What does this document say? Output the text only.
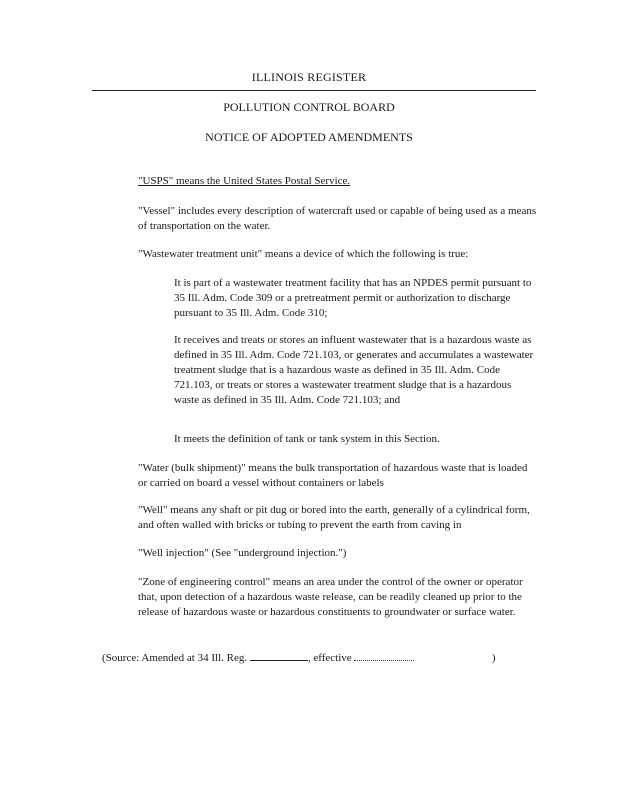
ILLINOIS REGISTER
POLLUTION CONTROL BOARD
NOTICE OF ADOPTED AMENDMENTS
"USPS" means the United States Postal Service.
"Vessel" includes every description of watercraft used or capable of being used as a means of transportation on the water.
"Wastewater treatment unit" means a device of which the following is true:
It is part of a wastewater treatment facility that has an NPDES permit pursuant to 35 Ill. Adm. Code 309 or a pretreatment permit or authorization to discharge pursuant to 35 Ill. Adm. Code 310;
It receives and treats or stores an influent wastewater that is a hazardous waste as defined in 35 Ill. Adm. Code 721.103, or generates and accumulates a wastewater treatment sludge that is a hazardous waste as defined in 35 Ill. Adm. Code 721.103, or treats or stores a wastewater treatment sludge that is a hazardous waste as defined in 35 Ill. Adm. Code 721.103; and
It meets the definition of tank or tank system in this Section.
"Water (bulk shipment)" means the bulk transportation of hazardous waste that is loaded or carried on board a vessel without containers or labels
"Well" means any shaft or pit dug or bored into the earth, generally of a cylindrical form, and often walled with bricks or tubing to prevent the earth from caving in
"Well injection" (See "underground injection.")
"Zone of engineering control" means an area under the control of the owner or operator that, upon detection of a hazardous waste release, can be readily cleaned up prior to the release of hazardous waste or hazardous constituents to groundwater or surface water.
(Source: Amended at 34 Ill. Reg.	, effective	)
